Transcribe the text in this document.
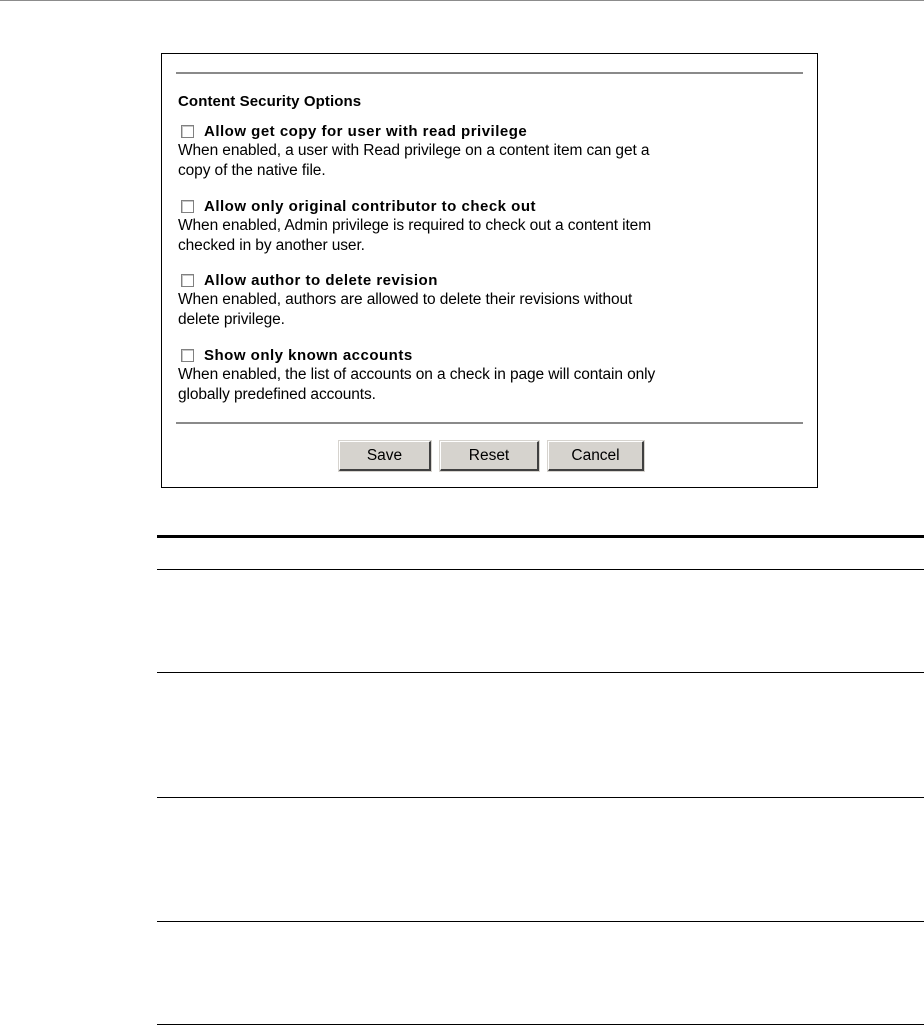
Content Security Options
Allow get copy for user with read privilege
When enabled, a user with Read privilege on a content item can get a
copy of the native file.
Allow only original contributor to check out
When enabled, Admin privilege is required to check out a content item
checked in by another user.
Allow author to delete revision
When enabled, authors are allowed to delete their revisions without
delete privilege.
Show only known accounts
When enabled, the list of accounts on a check in page will contain only
globally predefined accounts.
Save	Reset	Cancel
